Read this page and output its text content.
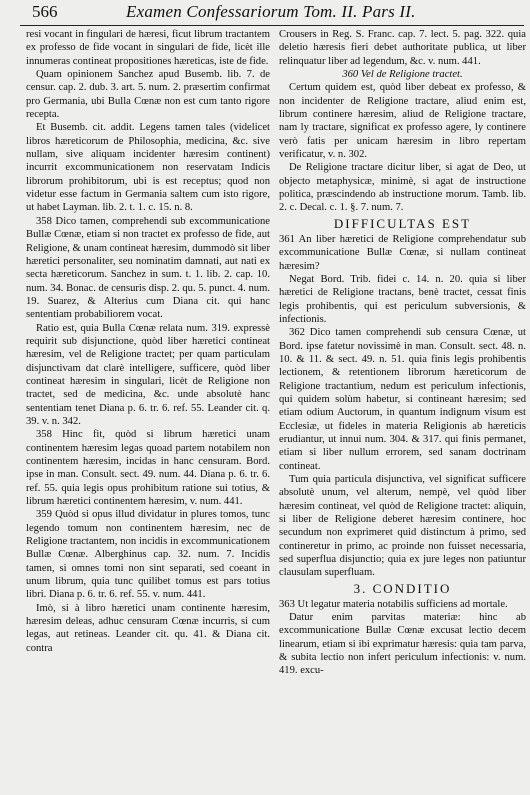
566	Examen Confessariorum Tom. II. Pars II.

resi vocant in fingulari de hæresi, ficut librum tractantem ex professo de fide vocant in singulari de fide, licèt ille innumeras contineat propositiones hæreticas, iste de fide.

Quam opinionem Sanchez apud Busemb. lib. 7. de censur. cap. 2. dub. 3. art. 5. num. 2. præsertim confirmat pro Germania, ubi Bulla Cœnæ non est cum tanto rigore recepta.

Et Busemb. cit. addit. Legens tamen tales (videlicet libros hæreticorum de Philosophia, medicina, &c. sive nullam, sive aliquam incidenter hæresim continent) incurrit excommunicationem non reservatam Indicis librorum prohibitorum, ubi is est receptus; quod non videtur esse factum in Germania saltem cum isto rigore, ut habet Layman. lib. 2. t. 1. c. 15. n. 8.

358 Dico tamen, comprehendi sub excommunicatione Bullæ Cœnæ, etiam si non tractet ex professo de fide, aut Religione, & unam contineat hæresim, dummodò sit liber hæretici personaliter, seu nominatim damnati, aut nati ex secta hæreticorum. Sanchez in sum. t. 1. lib. 2. cap. 10. num. 34. Bonac. de censuris disp. 2. qu. 5. punct. 4. num. 19. Suarez, & Alterius cum Diana cit. qui hanc sententiam probabiliorem vocat.

Ratio est, quia Bulla Cœnæ relata num. 319. expressè requirit sub disjunctione, quòd liber hæretici contineat hæresim, vel de Religione tractet; per quam particulam disjunctivam dat clarè intelligere, sufficere, quòd liber contineat hæresim in singulari, licèt de Religione non tractet, sed de medicina, &c. unde absolutè hanc sententiam tenet Diana p. 6. tr. 6. ref. 55. Leander cit. q. 39. v. n. 342.

358 Hinc fit, quòd si librum hæretici unam continentem hæresim legas quoad partem notabilem non continentem hæresim, incidas in hanc censuram. Bord. ipse in man. Consult. sect. 49. num. 44. Diana p. 6. tr. 6. ref. 55. quia legis opus prohibitum ratione sui totius, & librum hæretici continentem hæresim, v. num. 441.

359 Quòd si opus illud dividatur in plures tomos, tunc legendo tomum non continentem hæresim, nec de Religione tractantem, non incidis in excommunicationem Bullæ Cœnæ. Alberghinus cap. 32. num. 7. Incidis tamen, si omnes tomi non sint separati, sed coeant in unum librum, quia tunc quilibet tomus est pars totius libri. Diana p. 6. tr. 6. ref. 55. v. num. 441.

Imò, si à libro hæretici unam continente hæresim, hæresim deleas, adhuc censuram Cœnæ incurris, si cum legas, aut retineas. Leander cit. qu. 41. & Diana cit. contra

Crousers in Reg. S. Franc. cap. 7. lect. 5. pag. 322. quia deletio hæresis fieri debet authoritate publica, ut liber relinquatur liber ad legendum, &c. v. num. 441.

360 Vel de Religione tractet.

Certum quidem est, quòd liber debeat ex professo, & non incidenter de Religione tractare, aliud enim est, librum continere hæresim, aliud de Religione tractare, nam ly tractare, significat ex professo agere, ly continere verò fatis per unicam hæresim in libro repertam verificatur, v. n. 302.

De Religione tractare dicitur liber, si agat de Deo, ut objecto metaphysicæ, minimè, si agat de instructione politica, præscindendo ab instructione morum. Tamb. lib. 2. c. Decal. c. 1. §. 7. num. 7.

DIFFICULTAS EST

361 An liber hæretici de Religione comprehendatur sub excommunicatione Bullæ Cœnæ, si nullam contineat hæresim?

Negat Bord. Trib. fidei c. 14. n. 20. quia si liber hæretici de Religione tractans, benè tractet, cessat finis legis prohibentis, qui est periculum subversionis, & infectionis.

362 Dico tamen comprehendi sub censura Cœnæ, ut Bord. ipse fatetur novissimè in man. Consult. sect. 48. n. 10. & 11. & sect. 49. n. 51. quia finis legis prohibentis lectionem, & retentionem librorum hæreticorum de Religione tractantium, nedum est periculum infectionis, qui quidem solùm habetur, si contineant hæresim; sed etiam odium Auctorum, in quantum indignum visum est Ecclesiæ, ut fideles in materia Religionis ab hæreticis erudiantur, ut innui num. 304. & 317. qui finis permanet, etiam si liber nullum errorem, sed sanam doctrinam contineat.

Tum quia particula disjunctiva, vel significat sufficere absolutè unum, vel alterum, nempè, vel quòd liber hæresim contineat, vel quòd de Religione tractet: aliquin, si liber de Religione deberet hæresim continere, hoc secundum non exprimeret quid distinctum à primo, sed contineretur in primo, ac proinde non fuisset necessaria, sed superflua disjunctio; quia ex jure leges non patiuntur clausulam superfluam.

3. CONDITIO

363 Ut legatur materia notabilis sufficiens ad mortale.

Datur enim parvitas materiæ: hinc ab excommunicatione Bullæ Cœnæ excusat lectio decem linearum, etiam si ibi exprimatur hæresis: quia tam parva, & subita lectio non infert periculum infectionis: v. num. 419. excu-
